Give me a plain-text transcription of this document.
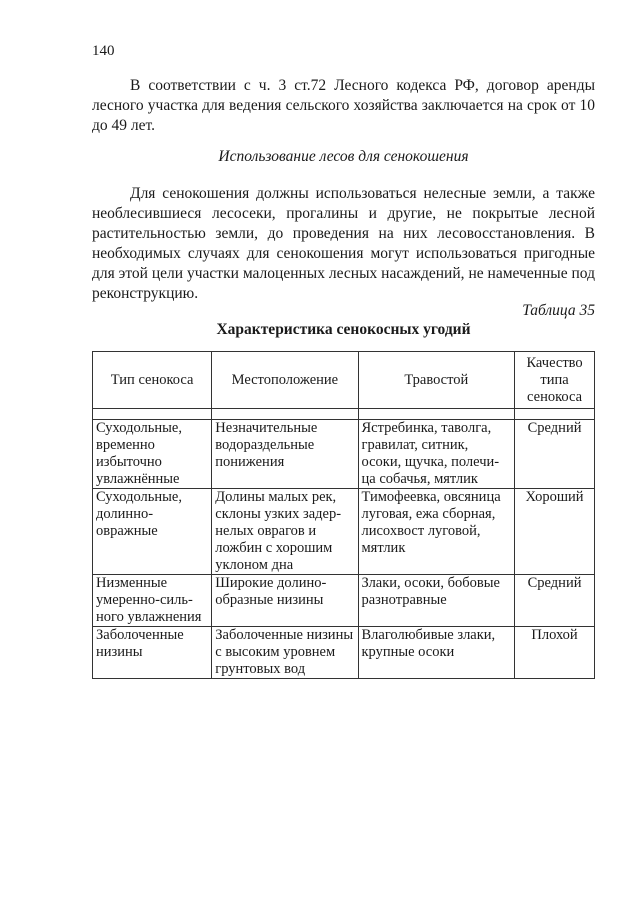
140

В соответствии с ч. 3 ст.72 Лесного кодекса РФ, договор аренды лесного участка для ведения сельского хозяйства заключается на срок от 10 до 49 лет.

Использование лесов для сенокошения

Для сенокошения должны использоваться нелесные земли, а также необлесившиеся лесосеки, прогалины и другие, не покрытые лесной растительностью земли, до проведения на них лесовосстановления. В необходимых случаях для сенокошения могут использоваться пригодные для этой цели участки малоценных лесных насаждений, не намеченные под реконструкцию.

Таблица 35
Характеристика сенокосных угодий
Тип сенокоса	Местоположение	Травостой	Качество типа сенокоса

Суходольные, временно избыточно увлажнённые	Незначительные водораздельные понижения	Ястребинка, таволга, гравилат, ситник, осоки, щучка, полечи-ца собачья, мятлик	Средний
Суходольные, долинно-овражные	Долины малых рек, склоны узких задер-нелых оврагов и ложбин с хорошим уклоном дна	Тимофеевка, овсяница луговая, ежа сборная, лисохвост луговой, мятлик	Хороший
Низменные умеренно-силь-ного увлажнения	Широкие долино-образные низины	Злаки, осоки, бобовые разнотравные	Средний
Заболоченные низины	Заболоченные низины с высоким уровнем грунтовых вод	Влаголюбивые злаки, крупные осоки	Плохой
